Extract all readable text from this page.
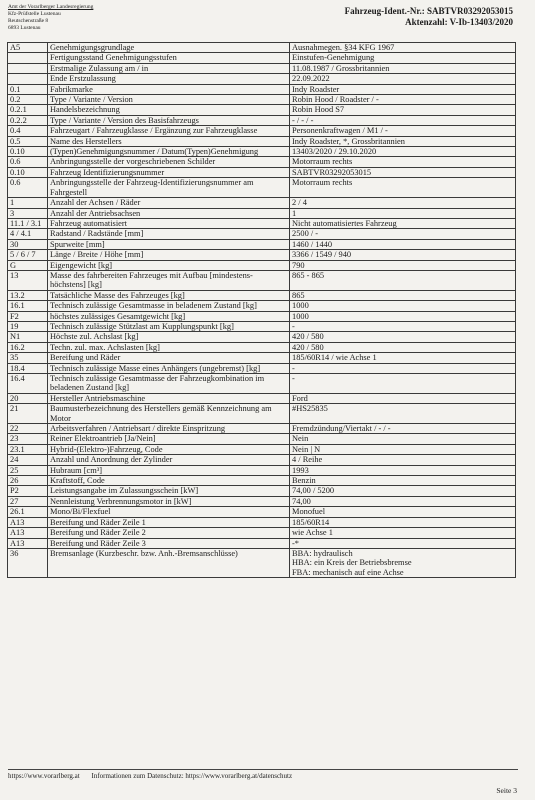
Amt der Vorarlberger Landesregierung
Kfz-Prüfstelle Lustenau
Reutschenstraße 8
6893 Lustenau
Fahrzeug-Ident.-Nr.: SABTVR03292053015
Aktenzahl: V-Ib-13403/2020
A5	Genehmigungsgrundlage	Ausnahmegen. §34 KFG 1967
	Fertigungsstand Genehmigungsstufen	Einstufen-Genehmigung
	Erstmalige Zulassung am / in	11.08.1987 / Grossbritannien
	Ende Erstzulassung	22.09.2022
0.1	Fabrikmarke	Indy Roadster
0.2	Type / Variante / Version	Robin Hood / Roadster / -
0.2.1	Handelsbezeichnung	Robin Hood S7
0.2.2	Type / Variante / Version des Basisfahrzeugs	- / - / -
0.4	Fahrzeugart / Fahrzeugklasse / Ergänzung zur Fahrzeugklasse	Personenkraftwagen / M1 / -
0.5	Name des Herstellers	Indy Roadster, *, Grossbritannien
0.10	(Typen)Genehmigungsnummer / Datum(Typen)Genehmigung	13403/2020 / 29.10.2020
0.6	Anbringungsstelle der vorgeschriebenen Schilder	Motorraum rechts
0.10	Fahrzeug Identifizierungsnummer	SABTVR03292053015
0.6	Anbringungsstelle der Fahrzeug-Identifizierungsnummer am Fahrgestell	Motorraum rechts
1	Anzahl der Achsen / Räder	2 / 4
3	Anzahl der Antriebsachsen	1
11.1 / 3.1	Fahrzeug automatisiert	Nicht automatisiertes Fahrzeug
4 / 4.1	Radstand / Radstände [mm]	2500 / -
30	Spurweite [mm]	1460 / 1440
5 / 6 / 7	Länge / Breite / Höhe [mm]	3366 / 1549 / 940
G	Eigengewicht [kg]	790
13	Masse des fahrbereiten Fahrzeuges mit Aufbau [mindestens-höchstens] [kg]	865 - 865
13.2	Tatsächliche Masse des Fahrzeuges [kg]	865
16.1	Technisch zulässige Gesamtmasse in beladenem Zustand [kg]	1000
F2	höchstes zulässiges Gesamtgewicht [kg]	1000
19	Technisch zulässige Stützlast am Kupplungspunkt [kg]	-
N1	Höchste zul. Achslast [kg]	420 / 580
16.2	Techn. zul. max. Achslasten [kg]	420 / 580
35	Bereifung und Räder	185/60R14 / wie Achse 1
18.4	Technisch zulässige Masse eines Anhängers (ungebremst) [kg]	-
16.4	Technisch zulässige Gesamtmasse der Fahrzeugkombination im beladenen Zustand [kg]	-
20	Hersteller Antriebsmaschine	Ford
21	Baumusterbezeichnung des Herstellers gemäß Kennzeichnung am Motor	#HS25835
22	Arbeitsverfahren / Antriebsart / direkte Einspritzung	Fremdzündung/Viertakt / - / -
23	Reiner Elektroantrieb [Ja/Nein]	Nein
23.1	Hybrid-(Elektro-)Fahrzeug, Code	Nein | N
24	Anzahl und Anordnung der Zylinder	4 / Reihe
25	Hubraum [cm³]	1993
26	Kraftstoff, Code	Benzin
P2	Leistungsangabe im Zulassungsschein [kW]	74,00 / 5200
27	Nennleistung Verbrennungsmotor in [kW]	74,00
26.1	Mono/Bi/Flexfuel	Monofuel
A13	Bereifung und Räder Zeile 1	185/60R14
A13	Bereifung und Räder Zeile 2	wie Achse 1
A13	Bereifung und Räder Zeile 3	-*
36	Bremsanlage (Kurzbeschr. bzw. Anh.-Bremsanschlüsse)	BBA: hydraulisch
HBA: ein Kreis der Betriebsbremse
FBA: mechanisch auf eine Achse
https://www.vorarlberg.at Informationen zum Datenschutz: https://www.vorarlberg.at/datenschutz
Seite 3
